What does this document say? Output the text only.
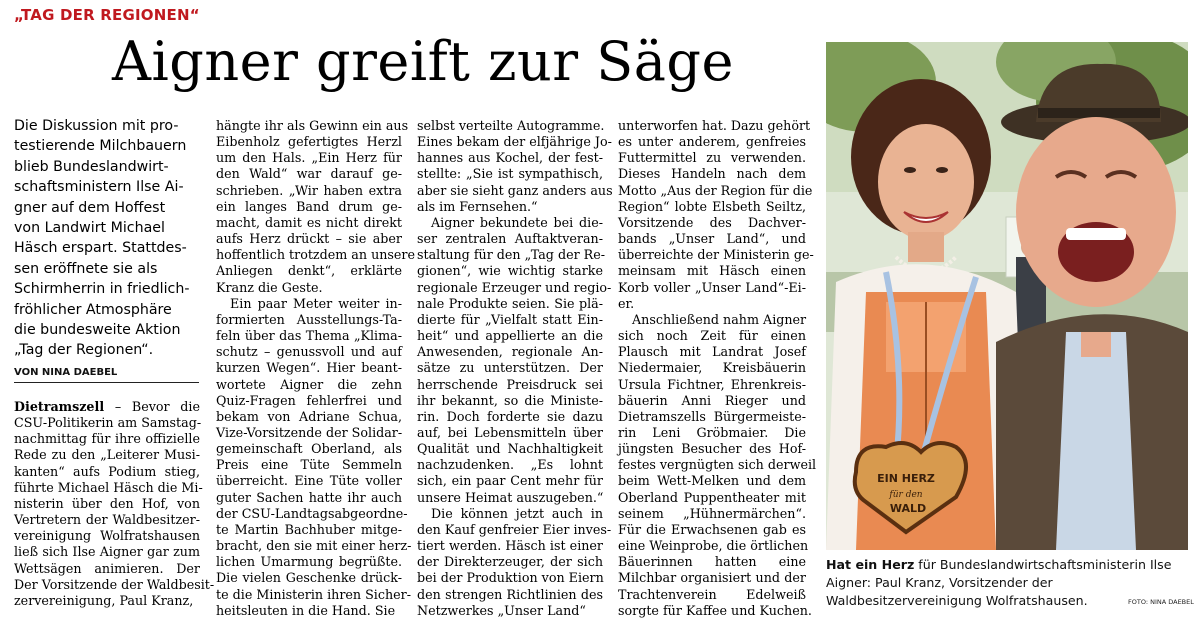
„TAG DER REGIONEN“
Aigner greift zur Säge
Die Diskussion mit pro-
testierende Milchbauern
blieb Bundeslandwirt-
schaftsministern Ilse Ai-
gner auf dem Hoffest
von Landwirt Michael
Häsch erspart. Stattdes-
sen eröffnete sie als
Schirmherrin in friedlich-
fröhlicher Atmosphäre
die bundesweite Aktion
„Tag der Regionen“.
VON NINA DAEBEL
Dietramszell – Bevor die
CSU-Politikerin am Samstag-
nachmittag für ihre offizielle
Rede zu den „Leiterer Musi-
kanten“ aufs Podium stieg,
führte Michael Häsch die Mi-
nisterin über den Hof, von
Vertretern der Waldbesitzer-
vereinigung Wolfratshausen
ließ sich Ilse Aigner gar zum
Wettsägen animieren. Der
Der Vorsitzende der Waldbesit-
zervereinigung, Paul Kranz,
hängte ihr als Gewinn ein aus
Eibenholz gefertigtes Herzl
um den Hals. „Ein Herz für
den Wald“ war darauf ge-
schrieben. „Wir haben extra
ein langes Band drum ge-
macht, damit es nicht direkt
aufs Herz drückt – sie aber
hoffentlich trotzdem an unsere
Anliegen denkt“, erklärte
Kranz die Geste.
Ein paar Meter weiter in-
formierten Ausstellungs-Ta-
feln über das Thema „Klima-
schutz – genussvoll und auf
kurzen Wegen“. Hier beant-
wortete Aigner die zehn
Quiz-Fragen fehlerfrei und
bekam von Adriane Schua,
Vize-Vorsitzende der Solidar-
gemeinschaft Oberland, als
Preis eine Tüte Semmeln
überreicht. Eine Tüte voller
guter Sachen hatte ihr auch
der CSU-Landtagsabgeordne-
te Martin Bachhuber mitge-
bracht, den sie mit einer herz-
lichen Umarmung begrüßte.
Die vielen Geschenke drück-
te die Ministerin ihren Sicher-
heitsleuten in die Hand. Sie
selbst verteilte Autogramme.
Eines bekam der elfjährige Jo-
hannes aus Kochel, der fest-
stellte: „Sie ist sympathisch,
aber sie sieht ganz anders aus
als im Fernsehen.“
Aigner bekundete bei die-
ser zentralen Auftaktveran-
staltung für den „Tag der Re-
gionen“, wie wichtig starke
regionale Erzeuger und regio-
nale Produkte seien. Sie plä-
dierte für „Vielfalt statt Ein-
heit“ und appellierte an die
Anwesenden, regionale An-
sätze zu unterstützen. Der
herrschende Preisdruck sei
ihr bekannt, so die Ministe-
rin. Doch forderte sie dazu
auf, bei Lebensmitteln über
Qualität und Nachhaltigkeit
nachzudenken. „Es lohnt
sich, ein paar Cent mehr für
unsere Heimat auszugeben.“
Die können jetzt auch in
den Kauf genfreier Eier inves-
tiert werden. Häsch ist einer
der Direkterzeuger, der sich
bei der Produktion von Eiern
den strengen Richtlinien des
Netzwerkes „Unser Land“
unterworfen hat. Dazu gehört
es unter anderem, genfreies
Futtermittel zu verwenden.
Dieses Handeln nach dem
Motto „Aus der Region für die
Region“ lobte Elsbeth Seiltz,
Vorsitzende des Dachver-
bands „Unser Land“, und
überreichte der Ministerin ge-
meinsam mit Häsch einen
Korb voller „Unser Land“-Ei-
er.
Anschließend nahm Aigner
sich noch Zeit für einen
Plausch mit Landrat Josef
Niedermaier, Kreisbäuerin
Ursula Fichtner, Ehrenkreis-
bäuerin Anni Rieger und
Dietramszells Bürgermeiste-
rin Leni Gröbmaier. Die
jüngsten Besucher des Hof-
festes vergnügten sich derweil
beim Wett-Melken und dem
Oberland Puppentheater mit
seinem „Hühnermärchen“.
Für die Erwachsenen gab es
eine Weinprobe, die örtlichen
Bäuerinnen hatten eine
Milchbar organisiert und der
Trachtenverein Edelweiß
sorgte für Kaffee und Kuchen.
EIN HERZ
für den
WALD
Hat ein Herz für Bundeslandwirtschaftsministerin Ilse Aigner: Paul Kranz, Vorsitzender der Waldbesitzervereinigung Wolfratshausen.	FOTO: NINA DAEBEL
